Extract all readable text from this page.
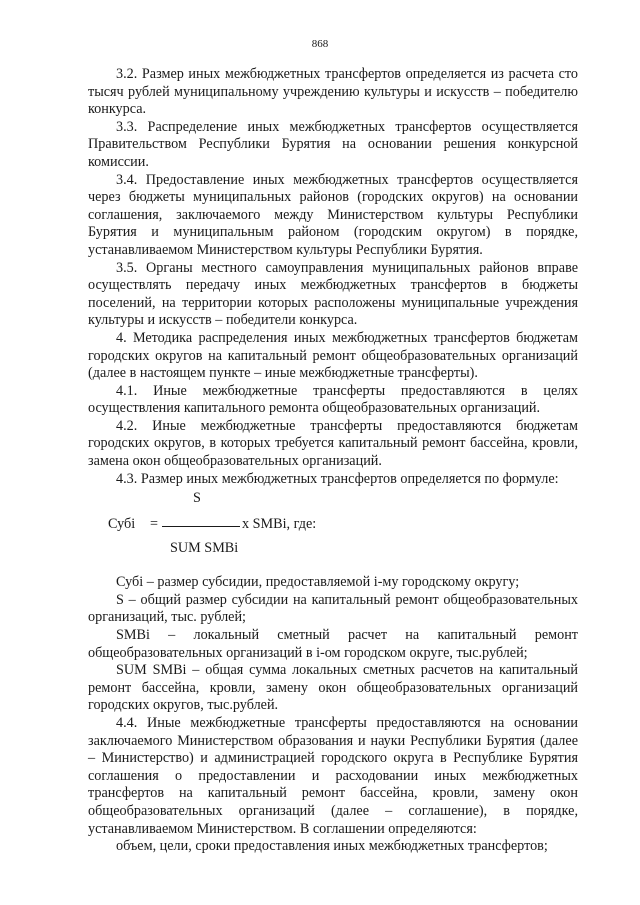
868

3.2. Размер иных межбюджетных трансфертов определяется из расчета сто тысяч рублей муниципальному учреждению культуры и искусств – победителю конкурса.

3.3. Распределение иных межбюджетных трансфертов осуществляется Правительством Республики Бурятия на основании решения конкурсной комиссии.

3.4. Предоставление иных межбюджетных трансфертов осуществляется через бюджеты муниципальных районов (городских округов) на основании соглашения, заключаемого между Министерством культуры Республики Бурятия и муниципальным районом (городским округом) в порядке, устанавливаемом Министерством культуры Республики Бурятия.

3.5. Органы местного самоуправления муниципальных районов вправе осуществлять передачу иных межбюджетных трансфертов в бюджеты поселений, на территории которых расположены муниципальные учреждения культуры и искусств – победители конкурса.

4. Методика распределения иных межбюджетных трансфертов бюджетам городских округов на капитальный ремонт общеобразовательных организаций (далее в настоящем пункте – иные межбюджетные трансферты).

4.1. Иные межбюджетные трансферты предоставляются в целях осуществления капитального ремонта общеобразовательных организаций.

4.2. Иные межбюджетные трансферты предоставляются бюджетам городских округов, в которых требуется капитальный ремонт бассейна, кровли, замена окон общеобразовательных организаций.

4.3. Размер иных межбюджетных трансфертов определяется по формуле:

S
Субi =	x SMBi, где:
SUM SMBi

Субi – размер субсидии, предоставляемой i-му городскому округу;

S – общий размер субсидии на капитальный ремонт общеобразовательных организаций, тыс. рублей;

SMBi – локальный сметный расчет на капитальный ремонт общеобразовательных организаций в i-ом городском округе, тыс.рублей;

SUM SMBi – общая сумма локальных сметных расчетов на капитальный ремонт бассейна, кровли, замену окон общеобразовательных организаций городских округов, тыс.рублей.

4.4. Иные межбюджетные трансферты предоставляются на основании заключаемого Министерством образования и науки Республики Бурятия (далее – Министерство) и администрацией городского округа в Республике Бурятия соглашения о предоставлении и расходовании иных межбюджетных трансфертов на капитальный ремонт бассейна, кровли, замену окон общеобразовательных организаций (далее – соглашение), в порядке, устанавливаемом Министерством. В соглашении определяются:

объем, цели, сроки предоставления иных межбюджетных трансфертов;
